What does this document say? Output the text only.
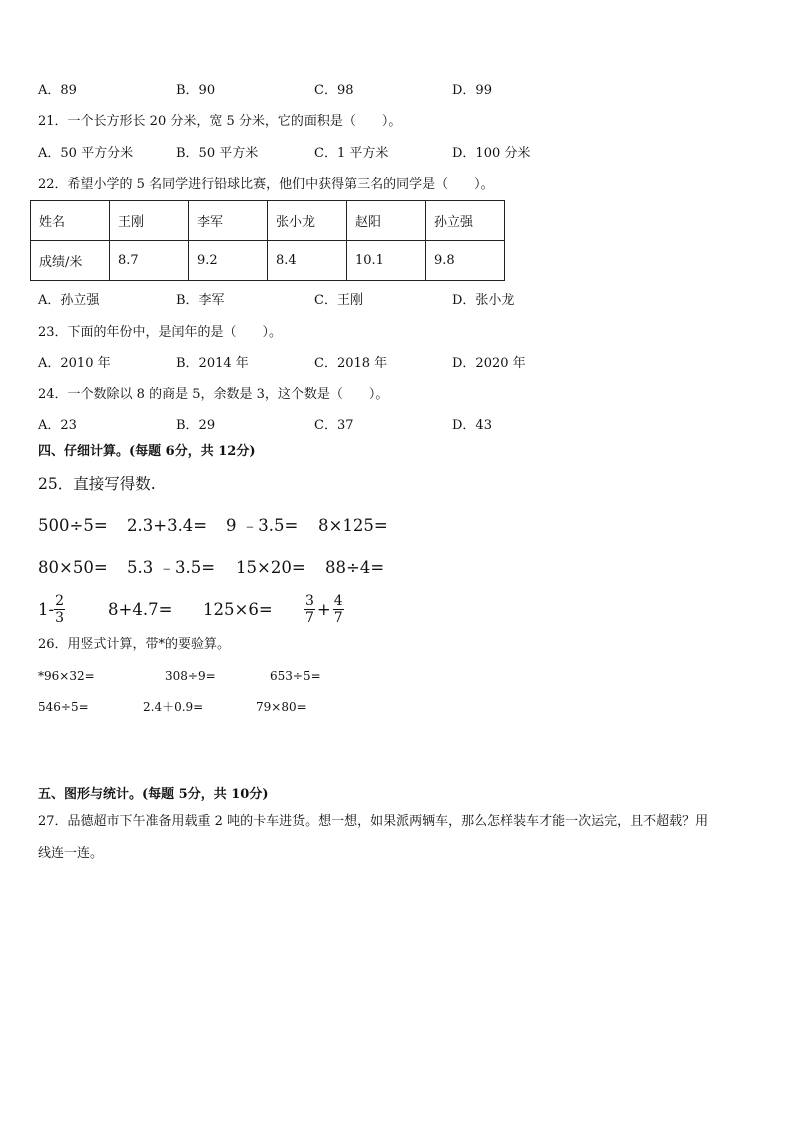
A．89	B．90	C．98	D．99
21．一个长方形长 20 分米，宽 5 分米，它的面积是（　　）。
A．50 平方分米	B．50 平方米	C．1 平方米	D．100 分米
22．希望小学的 5 名同学进行铅球比赛，他们中获得第三名的同学是（　　）。
姓名	王刚	李军	张小龙	赵阳	孙立强
成绩/米	8.7	9.2	8.4	10.1	9.8
A．孙立强	B．李军	C．王刚	D．张小龙
23．下面的年份中，是闰年的是（　　）。
A．2010 年	B．2014 年	C．2018 年	D．2020 年
24．一个数除以 8 的商是 5，余数是 3，这个数是（　　）。
A．23	B．29	C．37	D．43
四、仔细计算。(每题 6分，共 12分)
25．直接写得数.
500÷5= 2.3+3.4= 9 ﹣3.5= 8×125=
80×50= 5.3 ﹣3.5= 15×20= 88÷4=
$1- \frac{2}{3}$	$8+4.7= 125\times 6= \frac{3}{7} + \frac{4}{7}$
26．用竖式计算，带*的要验算。
*96×32=	308÷9=	653÷5=
546÷5=	2.4＋0.9=	79×80=
五、图形与统计。(每题 5分，共 10分)
27．品德超市下午准备用载重 2 吨的卡车进货。想一想，如果派两辆车，那么怎样装车才能一次运完，且不超载？用
线连一连。
